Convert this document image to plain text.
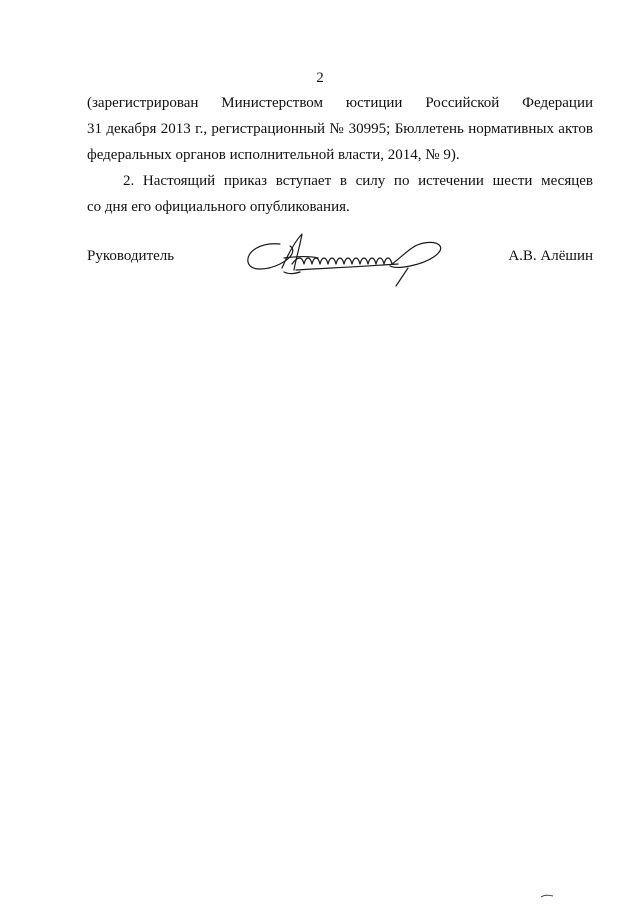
2
(зарегистрирован Министерством юстиции Российской Федерации
31 декабря 2013 г., регистрационный № 30995; Бюллетень нормативных актов
федеральных органов исполнительной власти, 2014, № 9).
2. Настоящий приказ вступает в силу по истечении шести месяцев
со дня его официального опубликования.
Руководитель	А.В. Алёшин
